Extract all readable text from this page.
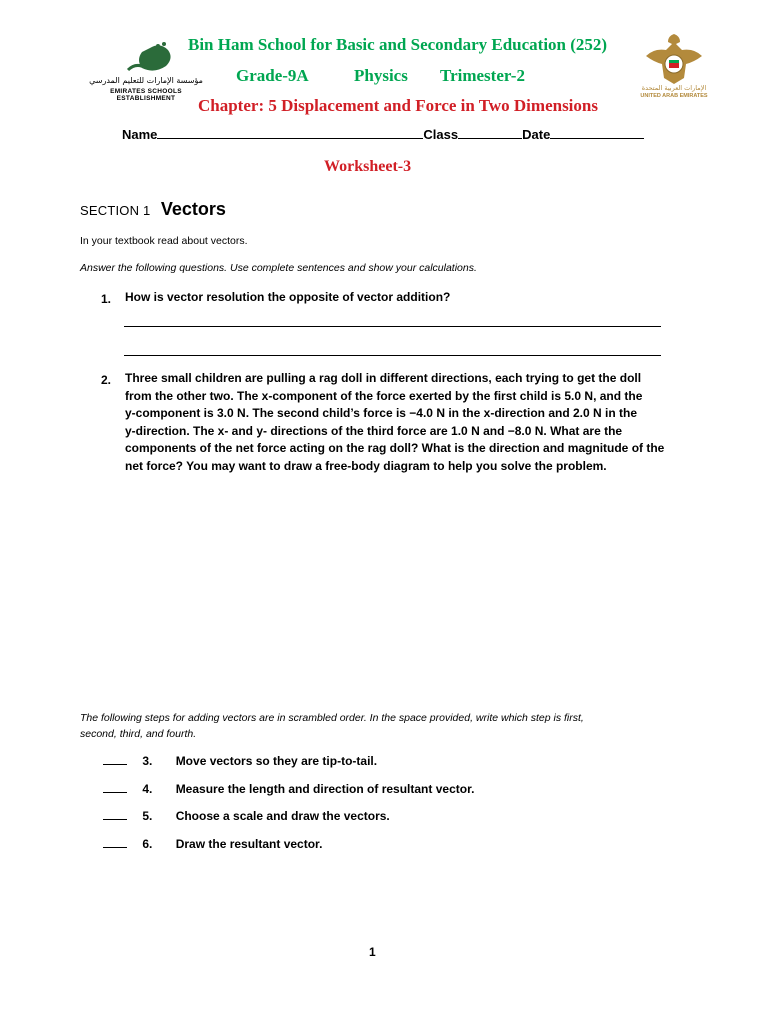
مؤسسة الإمارات للتعليم المدرسي
EMIRATES SCHOOLS ESTABLISHMENT
الإمارات العربية المتحدة
UNITED ARAB EMIRATES
Bin Ham School for Basic and Secondary Education (252)
Grade-9A	Physics Trimester-2
Chapter: 5 Displacement and Force in Two Dimensions
Name	Class	Date
Worksheet-3
SECTION 1 Vectors
In your textbook read about vectors.
Answer the following questions. Use complete sentences and show your calculations.
1. How is vector resolution the opposite of vector addition?
2. Three small children are pulling a rag doll in different directions, each trying to get the doll
from the other two. The x-component of the force exerted by the first child is 5.0 N, and the
y-component is 3.0 N. The second child’s force is −4.0 N in the x-direction and 2.0 N in the
y-direction. The x- and y- directions of the third force are 1.0 N and −8.0 N. What are the
components of the net force acting on the rag doll? What is the direction and magnitude of the
net force? You may want to draw a free-body diagram to help you solve the problem.
The following steps for adding vectors are in scrambled order. In the space provided, write which step is first,
second, third, and fourth.
3. Move vectors so they are tip-to-tail.
4. Measure the length and direction of resultant vector.
5. Choose a scale and draw the vectors.
6. Draw the resultant vector.
1
